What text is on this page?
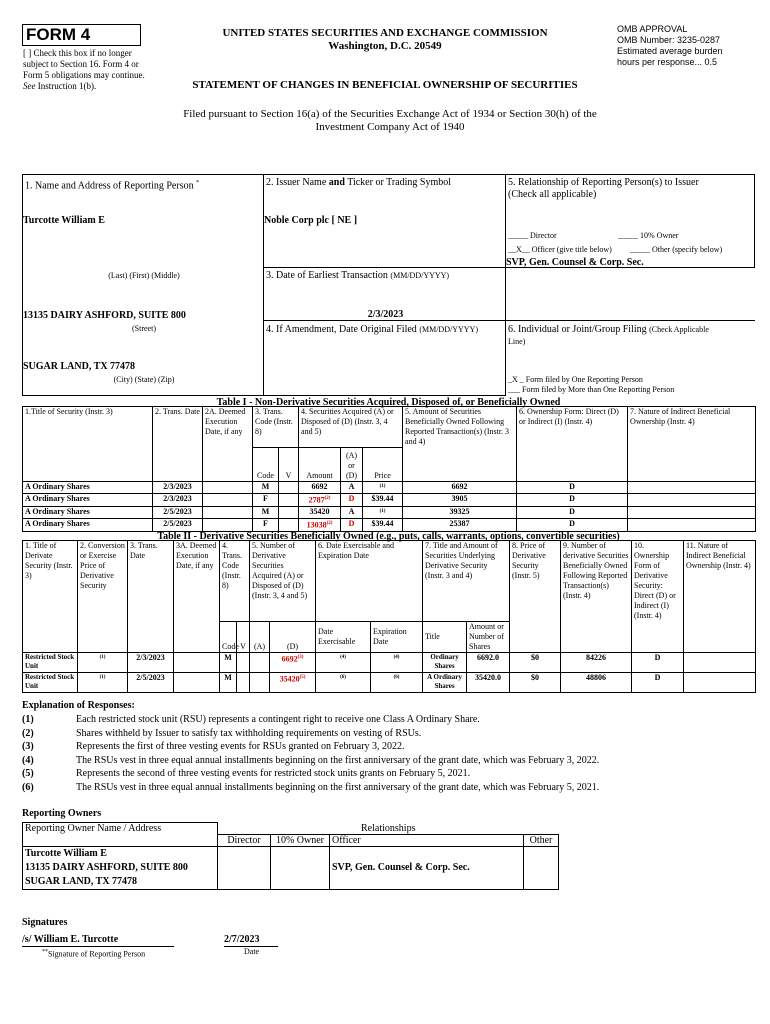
FORM 4
[ ] Check this box if no longer subject to Section 16. Form 4 or Form 5 obligations may continue. See Instruction 1(b).
UNITED STATES SECURITIES AND EXCHANGE COMMISSION
Washington, D.C. 20549
OMB APPROVAL
OMB Number: 3235-0287
Estimated average burden
hours per response... 0.5
STATEMENT OF CHANGES IN BENEFICIAL OWNERSHIP OF SECURITIES
Filed pursuant to Section 16(a) of the Securities Exchange Act of 1934 or Section 30(h) of the
Investment Company Act of 1940
1. Name and Address of Reporting Person *
Turcotte William E
(Last) (First) (Middle)
13135 DAIRY ASHFORD, SUITE 800
(Street)
SUGAR LAND, TX 77478
(City) (State) (Zip)
2. Issuer Name and Ticker or Trading Symbol
Noble Corp plc [ NE ]
3. Date of Earliest Transaction (MM/DD/YYYY)
2/3/2023
4. If Amendment, Date Original Filed (MM/DD/YYYY)
5. Relationship of Reporting Person(s) to Issuer
(Check all applicable)
_____ Director	_____ 10% Owner
__X__ Officer (give title below) _____ Other (specify below)
SVP, Gen. Counsel & Corp. Sec.
6. Individual or Joint/Group Filing (Check Applicable
Line)
_X _ Form filed by One Reporting Person
___ Form filed by More than One Reporting Person
Table I - Non-Derivative Securities Acquired, Disposed of, or Beneficially Owned
1.Title of Security (Instr. 3)	2. Trans. Date	2A. Deemed Execution Date, if any	3. Trans. Code (Instr. 8)		4. Securities Acquired (A) or Disposed of (D) (Instr. 3, 4 and 5)			5. Amount of Securities Beneficially Owned Following Reported Transaction(s) (Instr. 3 and 4)	6. Ownership Form: Direct (D) or Indirect (I) (Instr. 4)	7. Nature of Indirect Beneficial Ownership (Instr. 4)
			Code	V	Amount	(A) or (D)	Price			
A Ordinary Shares	2/3/2023		M		6692	A	$^{(1)}$	6692	D	
A Ordinary Shares	2/3/2023		F		2787$^{(2)}$	D	$39.44	3905	D	
A Ordinary Shares	2/5/2023		M		35420	A	$^{(1)}$	39325	D	
A Ordinary Shares	2/5/2023		F		13038$^{(2)}$	D	$39.44	25387	D	
Table II - Derivative Securities Beneficially Owned (e.g., puts, calls, warrants, options, convertible securities)
1. Title of Derivate Security (Instr. 3)	2. Conversion or Exercise Price of Derivative Security	3. Trans. Date	3A. Deemed Execution Date, if any	4. Trans. Code (Instr. 8)		5. Number of Derivative Securities Acquired (A) or Disposed of (D) (Instr. 3, 4 and 5)		6. Date Exercisable and Expiration Date		7. Title and Amount of Securities Underlying Derivative Security (Instr. 3 and 4)		8. Price of Derivative Security (Instr. 5)	9. Number of derivative Securities Beneficially Owned Following Reported Transaction(s) (Instr. 4)	10. Ownership Form of Derivative Security: Direct (D) or Indirect (I) (Instr. 4)	11. Nature of Indirect Beneficial Ownership (Instr. 4)
				Code	V	(A)	(D)	Date Exercisable	Expiration Date	Title	Amount or Number of Shares				
Restricted Stock Unit	$^{(1)}$	2/3/2023		M			6692$^{(3)}$	$^{(4)}$	$^{(4)}$	Ordinary Shares	6692.0	$0	84226	D	
Restricted Stock Unit	$^{(1)}$	2/5/2023		M			35420$^{(5)}$	$^{(6)}$	$^{(6)}$	A Ordinary Shares	35420.0	$0	48806	D	
Explanation of Responses:
(1)	Each restricted stock unit (RSU) represents a contingent right to receive one Class A Ordinary Share.
(2)	Shares withheld by Issuer to satisfy tax withholding requirements on vesting of RSUs.
(3)	Represents the first of three vesting events for RSUs granted on February 3, 2022.
(4)	The RSUs vest in three equal annual installments beginning on the first anniversary of the grant date, which was February 3, 2022.
(5)	Represents the second of three vesting events for restricted stock units grants on February 5, 2021.
(6)	The RSUs vest in three equal annual installments beginning on the first anniversary of the grant date, which was February 5, 2021.
Reporting Owners
Reporting Owner Name / Address	Relationships			
	Director	10% Owner	Officer	Other

Turcotte William E
13135 DAIRY ASHFORD, SUITE 800
SUGAR LAND, TX 77478			SVP, Gen. Counsel & Corp. Sec.	
Signatures
/s/ William E. Turcotte	2/7/2023
**Signature of Reporting Person	Date
